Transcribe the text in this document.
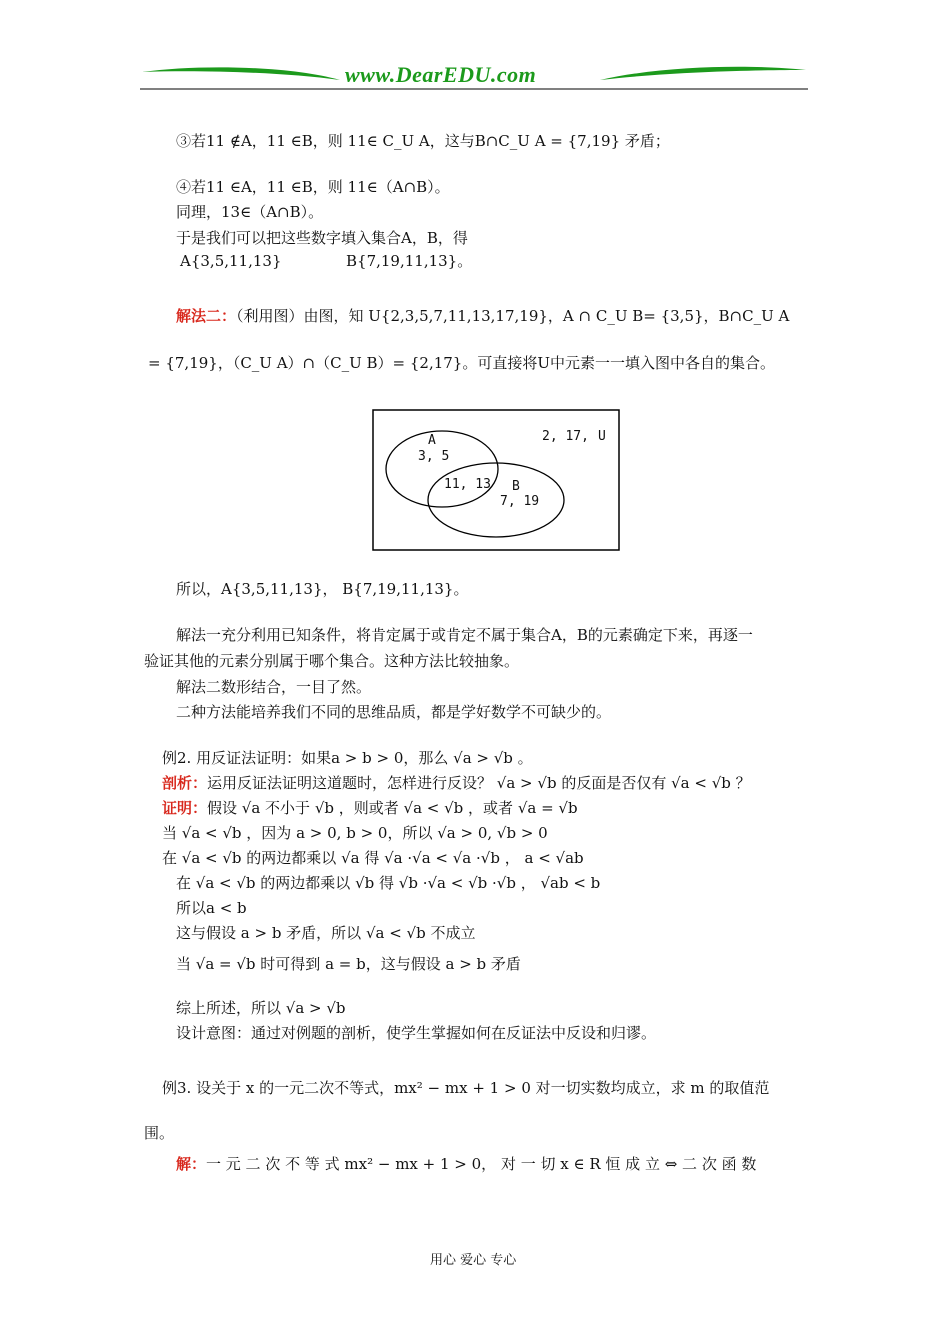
www.DearEDU.com
③若11 ∉A，11 ∈B，则 11∈ C_U A，这与B∩C_U A = {7,19} 矛盾；
④若11 ∈A，11 ∈B，则 11∈（A∩B）。
同理，13∈（A∩B）。
于是我们可以把这些数字填入集合A，B，得
A{3,5,11,13}	B{7,19,11,13}。
解法二：（利用图）由图，知 U{2,3,5,7,11,13,17,19}，A ∩ C_U B= {3,5}，B∩C_U A
= {7,19}，（C_U A）∩（C_U B）= {2,17}。可直接将U中元素一一填入图中各自的集合。
A
3, 5
11, 13 B
7, 19
2, 17, U
所以，A{3,5,11,13}， B{7,19,11,13}。
解法一充分利用已知条件，将肯定属于或肯定不属于集合A，B的元素确定下来，再逐一
验证其他的元素分别属于哪个集合。这种方法比较抽象。
解法二数形结合，一目了然。
二种方法能培养我们不同的思维品质，都是学好数学不可缺少的。
例2. 用反证法证明：如果a > b > 0，那么 √a > √b 。
剖析：运用反证法证明这道题时，怎样进行反设？ √a > √b 的反面是否仅有 √a < √b ？
证明：假设 √a 不小于 √b ，则或者 √a < √b ，或者 √a = √b
当 √a < √b ，因为 a > 0, b > 0，所以 √a > 0, √b > 0
在 √a < √b 的两边都乘以 √a 得 √a ·√a < √a ·√b ， a < √ab
在 √a < √b 的两边都乘以 √b 得 √b ·√a < √b ·√b ， √ab < b
所以a < b
这与假设 a > b 矛盾，所以 √a < √b 不成立
当 √a = √b 时可得到 a = b，这与假设 a > b 矛盾
综上所述，所以 √a > √b
设计意图：通过对例题的剖析，使学生掌握如何在反证法中反设和归谬。
例3. 设关于 x 的一元二次不等式，mx² − mx + 1 > 0 对一切实数均成立，求 m 的取值范
围。
解：一 元 二 次 不 等 式 mx² − mx + 1 > 0， 对 一 切 x ∈ R 恒 成 立 ⇔ 二 次 函 数
用心 爱心 专心
